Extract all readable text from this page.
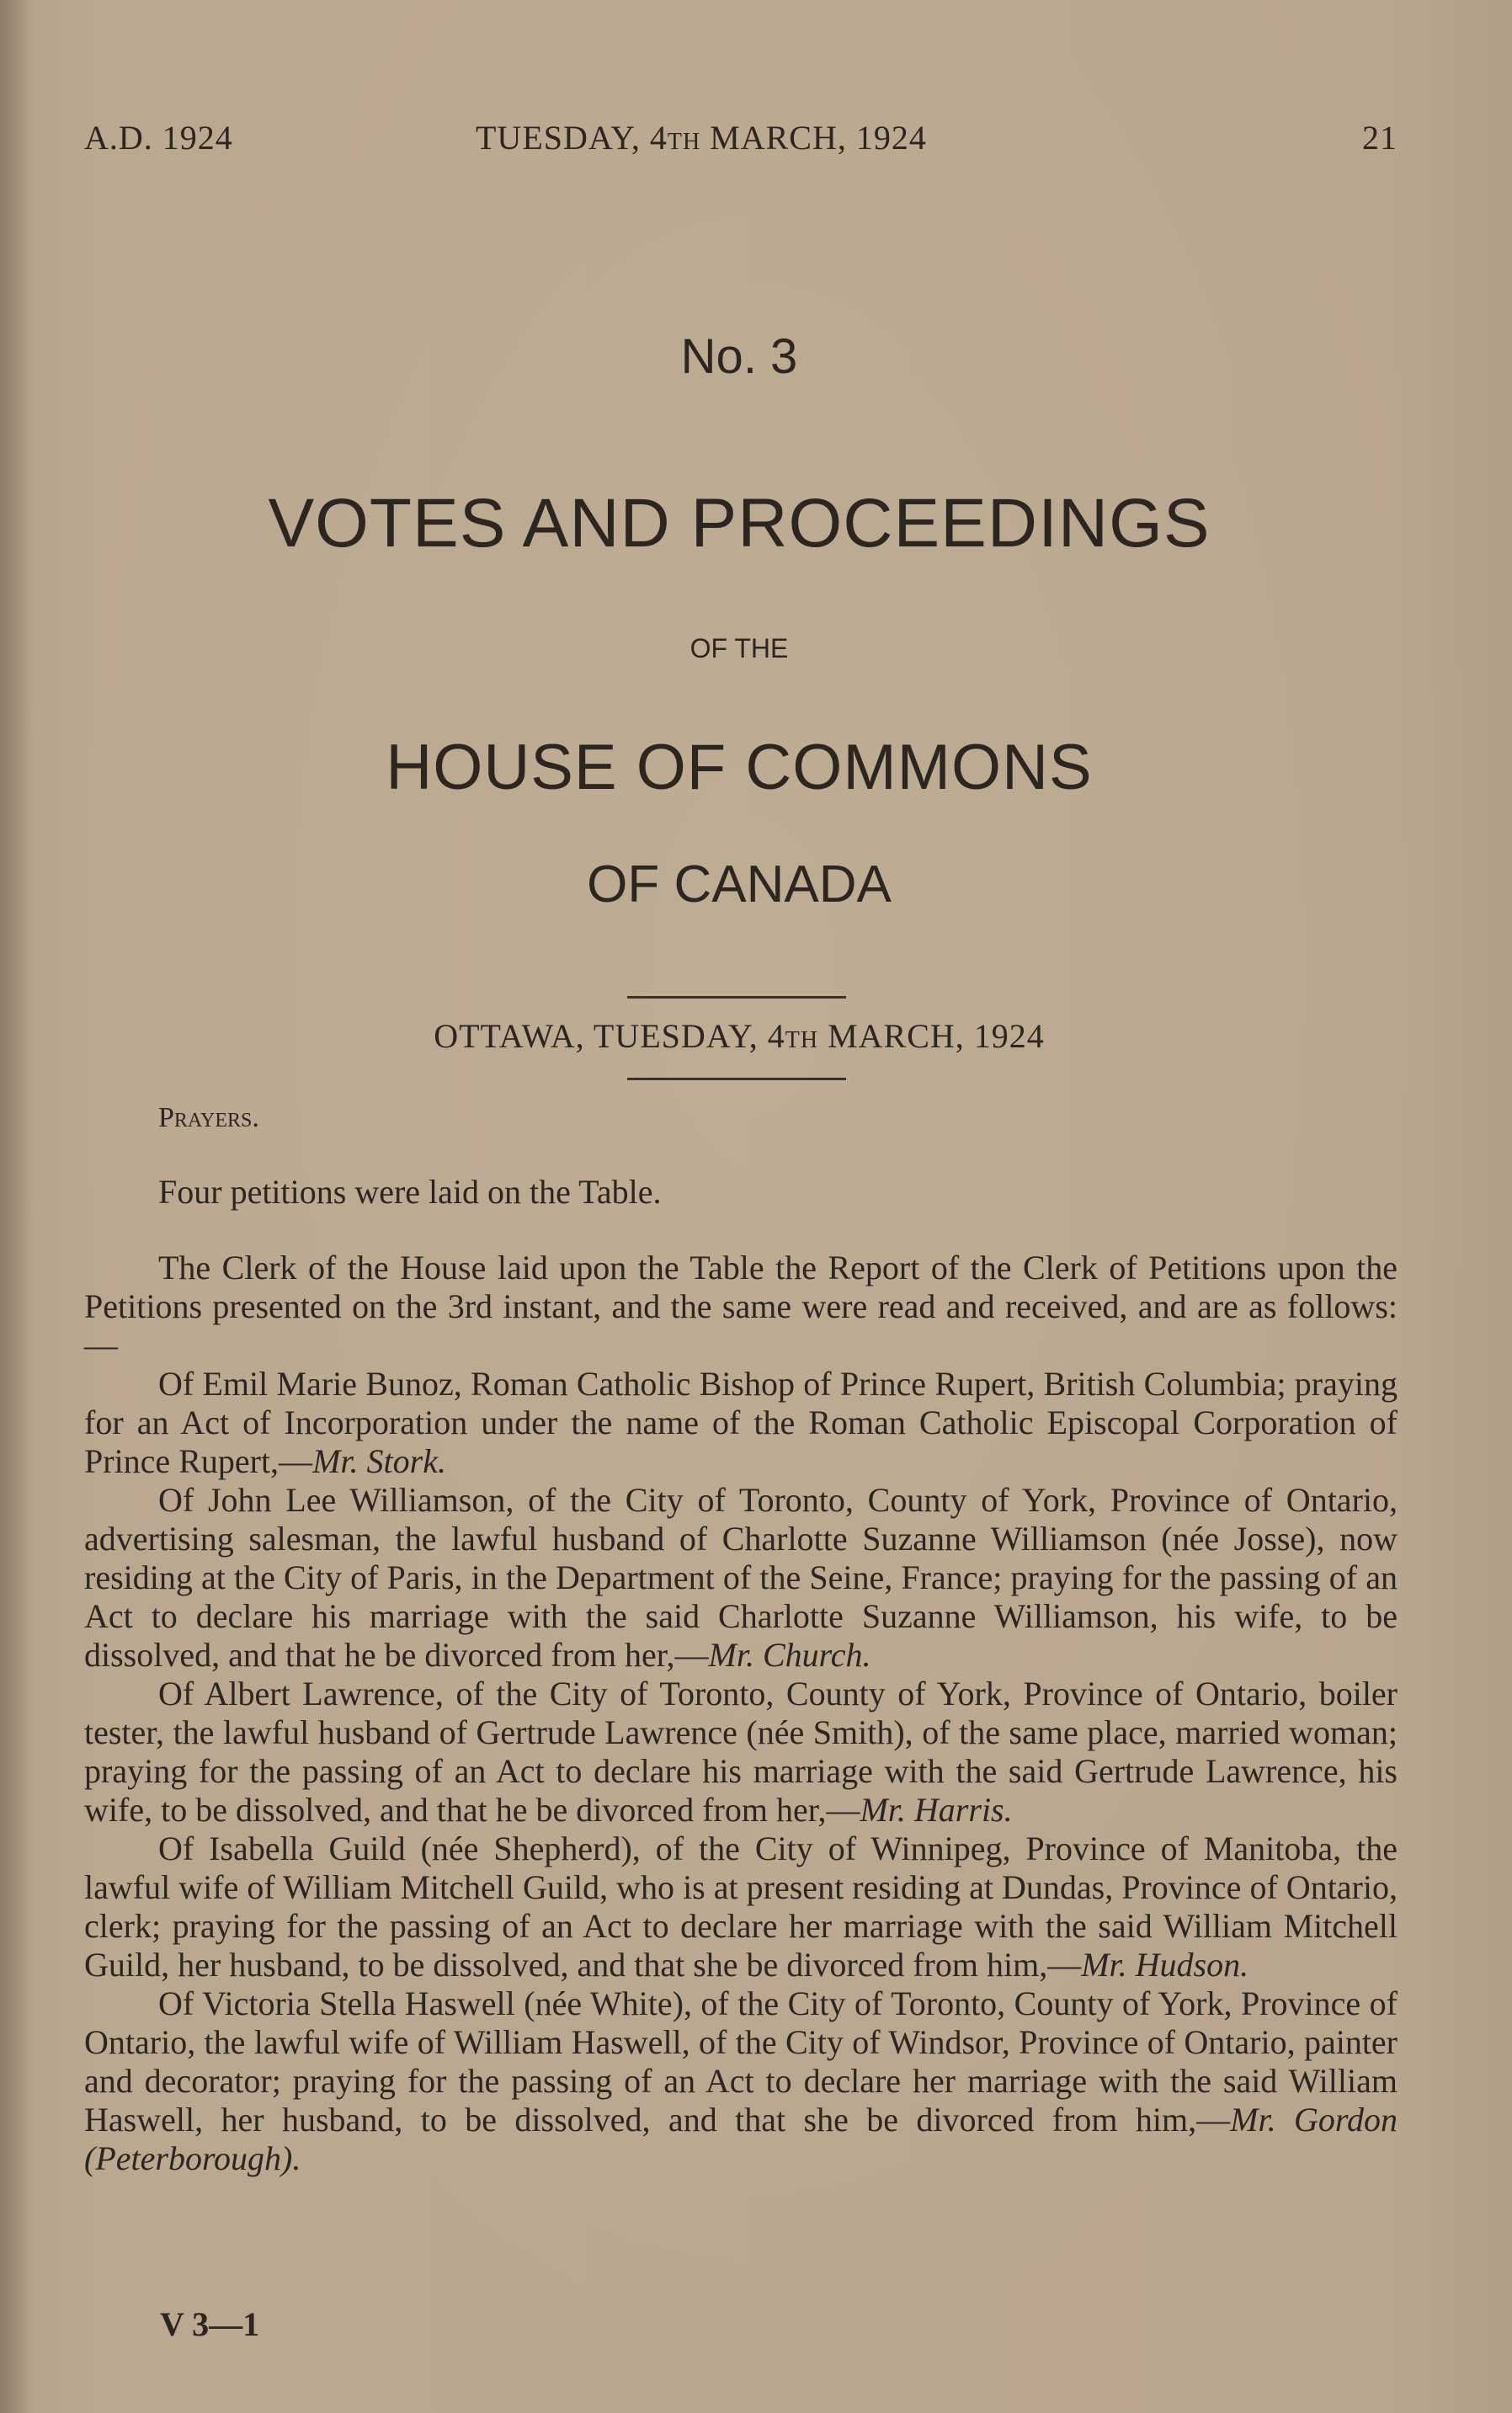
A.D. 1924	TUESDAY, 4th MARCH, 1924	21
No. 3
VOTES AND PROCEEDINGS
OF THE
HOUSE OF COMMONS
OF CANADA
OTTAWA, TUESDAY, 4th MARCH, 1924

Prayers.

Four petitions were laid on the Table.

The Clerk of the House laid upon the Table the Report of the Clerk of Petitions upon the Petitions presented on the 3rd instant, and the same were read and received, and are as follows:—

Of Emil Marie Bunoz, Roman Catholic Bishop of Prince Rupert, British Columbia; praying for an Act of Incorporation under the name of the Roman Catholic Episcopal Corporation of Prince Rupert,—Mr. Stork.

Of John Lee Williamson, of the City of Toronto, County of York, Province of Ontario, advertising salesman, the lawful husband of Charlotte Suzanne Williamson (née Josse), now residing at the City of Paris, in the Department of the Seine, France; praying for the passing of an Act to declare his marriage with the said Charlotte Suzanne Williamson, his wife, to be dissolved, and that he be divorced from her,—Mr. Church.

Of Albert Lawrence, of the City of Toronto, County of York, Province of Ontario, boiler tester, the lawful husband of Gertrude Lawrence (née Smith), of the same place, married woman; praying for the passing of an Act to declare his marriage with the said Gertrude Lawrence, his wife, to be dissolved, and that he be divorced from her,—Mr. Harris.

Of Isabella Guild (née Shepherd), of the City of Winnipeg, Province of Manitoba, the lawful wife of William Mitchell Guild, who is at present residing at Dundas, Province of Ontario, clerk; praying for the passing of an Act to declare her marriage with the said William Mitchell Guild, her husband, to be dissolved, and that she be divorced from him,—Mr. Hudson.

Of Victoria Stella Haswell (née White), of the City of Toronto, County of York, Province of Ontario, the lawful wife of William Haswell, of the City of Windsor, Province of Ontario, painter and decorator; praying for the passing of an Act to declare her marriage with the said William Haswell, her husband, to be dissolved, and that she be divorced from him,—Mr. Gordon (Peterborough).

V 3—1
